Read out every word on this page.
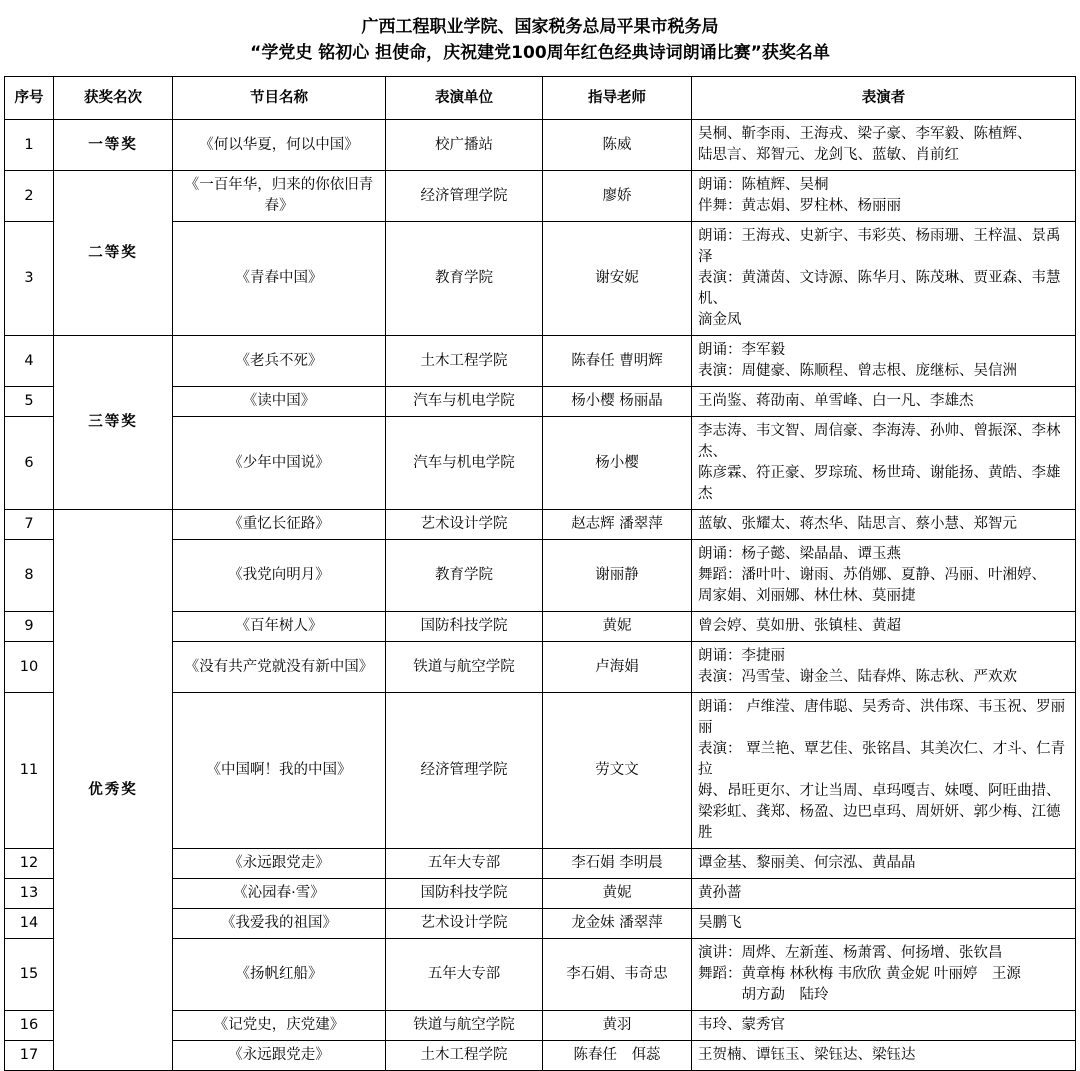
广西工程职业学院、国家税务总局平果市税务局
“学党史 铭初心 担使命，庆祝建党100周年红色经典诗词朗诵比赛”获奖名单
序号	获奖名次	节目名称	表演单位	指导老师	表演者
1	一等奖	《何以华夏，何以中国》	校广播站	陈威	吴桐、靳李雨、王海戎、梁子豪、李军毅、陈植辉、
陆思言、郑智元、龙剑飞、蓝敏、肖前红

2	二等奖	《一百年华，归来的你依旧青春》	经济管理学院	廖娇	朗诵：陈植辉、吴桐
伴舞：黄志娟、罗柱林、杨丽丽

3		《青春中国》	教育学院	谢安妮	朗诵：王海戎、史新宇、韦彩英、杨雨珊、王梓温、景禹泽
表演：黄潇茵、文诗源、陈华月、陈茂琳、贾亚森、韦慧机、
滴金凤

4	三等奖	《老兵不死》	土木工程学院	陈春任 曹明辉	朗诵：李军毅
表演：周健豪、陈顺程、曾志根、庞继标、吴信洲

5		《读中国》	汽车与机电学院	杨小樱 杨丽晶	王尚鉴、蒋劭南、单雪峰、白一凡、李雄杰

6		《少年中国说》	汽车与机电学院	杨小樱	李志涛、韦文智、周信豪、李海涛、孙帅、曾振深、李林杰、
陈彦霖、符正豪、罗琮琉、杨世琦、谢能扬、黄皓、李雄杰

7	优秀奖	《重忆长征路》	艺术设计学院	赵志辉 潘翠萍	蓝敏、张耀太、蒋杰华、陆思言、蔡小慧、郑智元

8		《我党向明月》	教育学院	谢丽静	朗诵：杨子懿、梁晶晶、谭玉燕
舞蹈：潘叶叶、谢雨、苏俏娜、夏静、冯丽、叶湘婷、
周家娟、刘丽娜、林仕林、莫丽捷

9		《百年树人》	国防科技学院	黄妮	曾会婷、莫如册、张镇桂、黄超

10		《没有共产党就没有新中国》	铁道与航空学院	卢海娟	朗诵：李捷丽
表演：冯雪莹、谢金兰、陆春烨、陈志秋、严欢欢

11		《中国啊！我的中国》	经济管理学院	劳文文	朗诵： 卢维滢、唐伟聪、吴秀奇、洪伟琛、韦玉祝、罗丽丽
表演： 覃兰艳、覃艺佳、张铭昌、其美次仁、才斗、仁青拉
姆、昂旺更尔、才让当周、卓玛嘎吉、妹嘎、阿旺曲措、
梁彩虹、龚郑、杨盈、边巴卓玛、周妍妍、郭少梅、江德胜

12		《永远跟党走》	五年大专部	李石娟 李明晨	谭金基、黎丽美、何宗泓、黄晶晶

13		《沁园春·雪》	国防科技学院	黄妮	黄孙蔷

14		《我爱我的祖国》	艺术设计学院	龙金妹 潘翠萍	吴鹏飞

15		《扬帆红船》	五年大专部	李石娟、韦奇忠	演讲：周烨、左新莲、杨萧霄、何扬增、张钦昌
舞蹈：黄章梅 林秋梅 韦欣欣 黄金妮 叶丽婷　王源
　　　胡方勐　陆玲

16		《记党史，庆党建》	铁道与航空学院	黄羽	韦玲、蒙秀官

17		《永远跟党走》	土木工程学院	陈春任　佴蕊	王贺楠、谭钰玉、梁钰达、梁钰达
